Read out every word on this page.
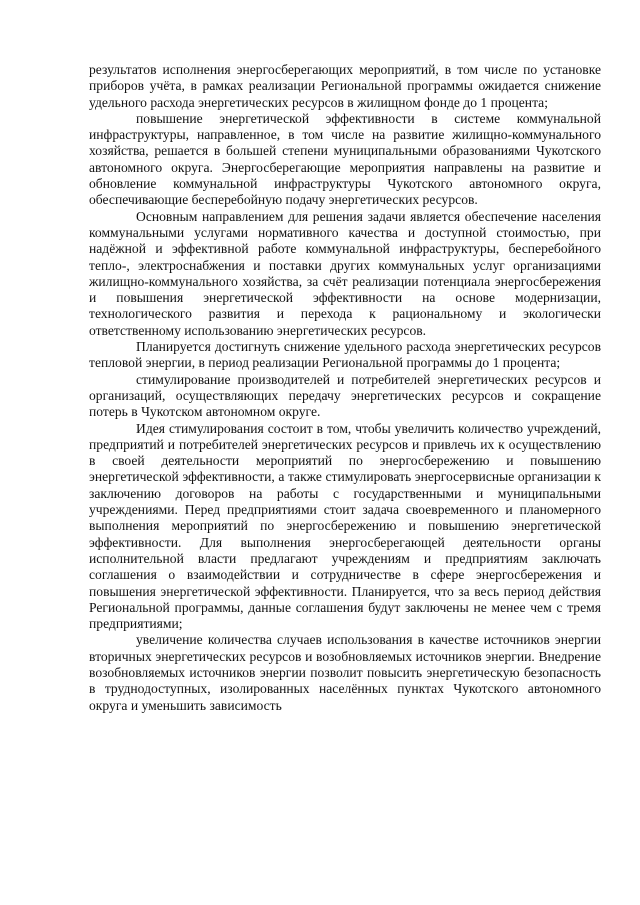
результатов исполнения энергосберегающих мероприятий, в том числе по установке приборов учёта, в рамках реализации Региональной программы ожидается снижение удельного расхода энергетических ресурсов в жилищном фонде до 1 процента;

повышение энергетической эффективности в системе коммунальной инфраструктуры, направленное, в том числе на развитие жилищно-коммунального хозяйства, решается в большей степени муниципальными образованиями Чукотского автономного округа. Энергосберегающие мероприятия направлены на развитие и обновление коммунальной инфраструктуры Чукотского автономного округа, обеспечивающие бесперебойную подачу энергетических ресурсов.

Основным направлением для решения задачи является обеспечение населения коммунальными услугами нормативного качества и доступной стоимостью, при надёжной и эффективной работе коммунальной инфраструктуры, бесперебойного тепло-, электроснабжения и поставки других коммунальных услуг организациями жилищно-коммунального хозяйства, за счёт реализации потенциала энергосбережения и повышения энергетической эффективности на основе модернизации, технологического развития и перехода к рациональному и экологически ответственному использованию энергетических ресурсов.

Планируется достигнуть снижение удельного расхода энергетических ресурсов тепловой энергии, в период реализации Региональной программы до 1 процента;

стимулирование производителей и потребителей энергетических ресурсов и организаций, осуществляющих передачу энергетических ресурсов и сокращение потерь в Чукотском автономном округе.

Идея стимулирования состоит в том, чтобы увеличить количество учреждений, предприятий и потребителей энергетических ресурсов и привлечь их к осуществлению в своей деятельности мероприятий по энергосбережению и повышению энергетической эффективности, а также стимулировать энергосервисные организации к заключению договоров на работы с государственными и муниципальными учреждениями. Перед предприятиями стоит задача своевременного и планомерного выполнения мероприятий по энергосбережению и повышению энергетической эффективности. Для выполнения энергосберегающей деятельности органы исполнительной власти предлагают учреждениям и предприятиям заключать соглашения о взаимодействии и сотрудничестве в сфере энергосбережения и повышения энергетической эффективности. Планируется, что за весь период действия Региональной программы, данные соглашения будут заключены не менее чем с тремя предприятиями;

увеличение количества случаев использования в качестве источников энергии вторичных энергетических ресурсов и возобновляемых источников энергии. Внедрение возобновляемых источников энергии позволит повысить энергетическую безопасность в труднодоступных, изолированных населённых пунктах Чукотского автономного округа и уменьшить зависимость
